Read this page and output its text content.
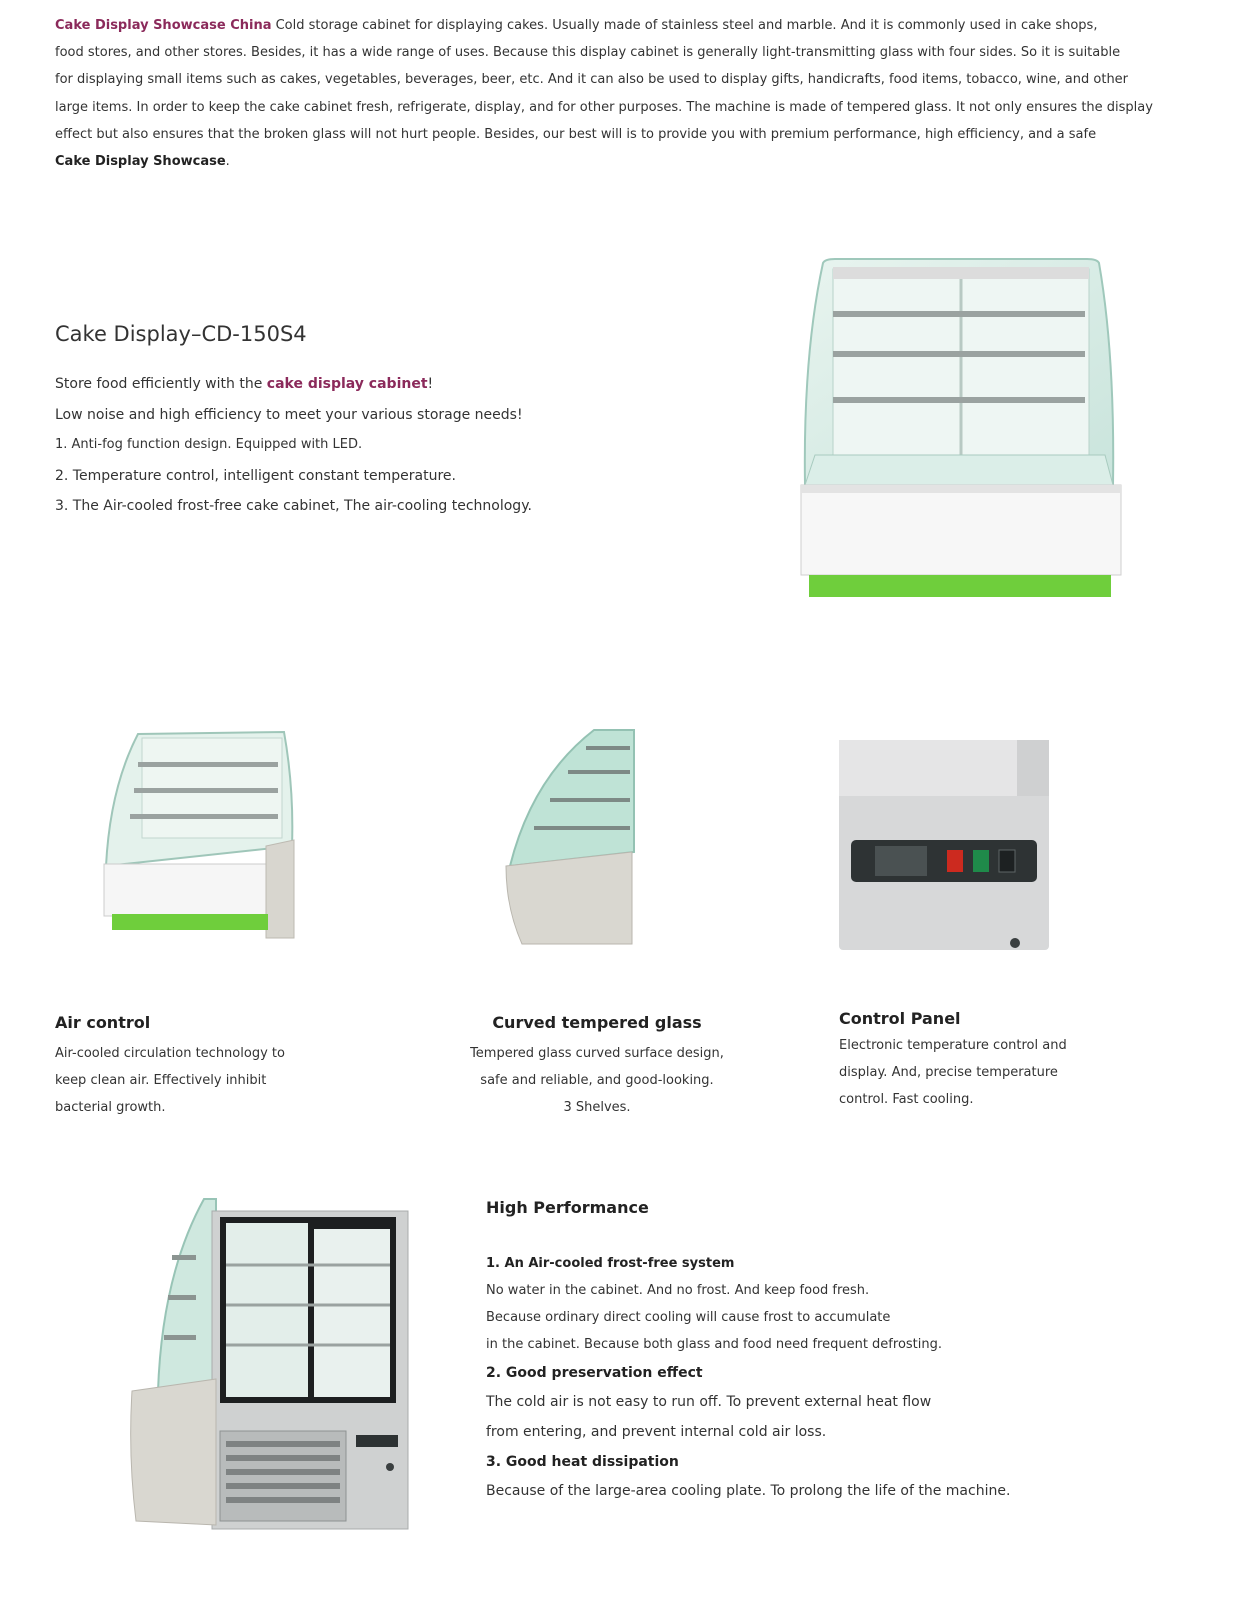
Cake Display Showcase China Cold storage cabinet for displaying cakes. Usually made of stainless steel and marble. And it is commonly used in cake shops,
food stores, and other stores. Besides, it has a wide range of uses. Because this display cabinet is generally light-transmitting glass with four sides. So it is suitable
for displaying small items such as cakes, vegetables, beverages, beer, etc. And it can also be used to display gifts, handicrafts, food items, tobacco, wine, and other
large items. In order to keep the cake cabinet fresh, refrigerate, display, and for other purposes. The machine is made of tempered glass. It not only ensures the display
effect but also ensures that the broken glass will not hurt people. Besides, our best will is to provide you with premium performance, high efficiency, and a safe
Cake Display Showcase.
Cake Display–CD-150S4
Store food efficiently with the cake display cabinet!
Low noise and high efficiency to meet your various storage needs!
1. Anti-fog function design. Equipped with LED.
2. Temperature control, intelligent constant temperature.
3. The Air-cooled frost-free cake cabinet, The air-cooling technology.
Air control
Air-cooled circulation technology to
keep clean air. Effectively inhibit
bacterial growth.
Curved tempered glass
Tempered glass curved surface design,
safe and reliable, and good-looking.
3 Shelves.
Control Panel
Electronic temperature control and
display. And, precise temperature
control. Fast cooling.
High Performance
1. An Air-cooled frost-free system
No water in the cabinet. And no frost. And keep food fresh.
Because ordinary direct cooling will cause frost to accumulate
in the cabinet. Because both glass and food need frequent defrosting.
2. Good preservation effect
The cold air is not easy to run off. To prevent external heat flow
from entering, and prevent internal cold air loss.
3. Good heat dissipation
Because of the large-area cooling plate. To prolong the life of the machine.
